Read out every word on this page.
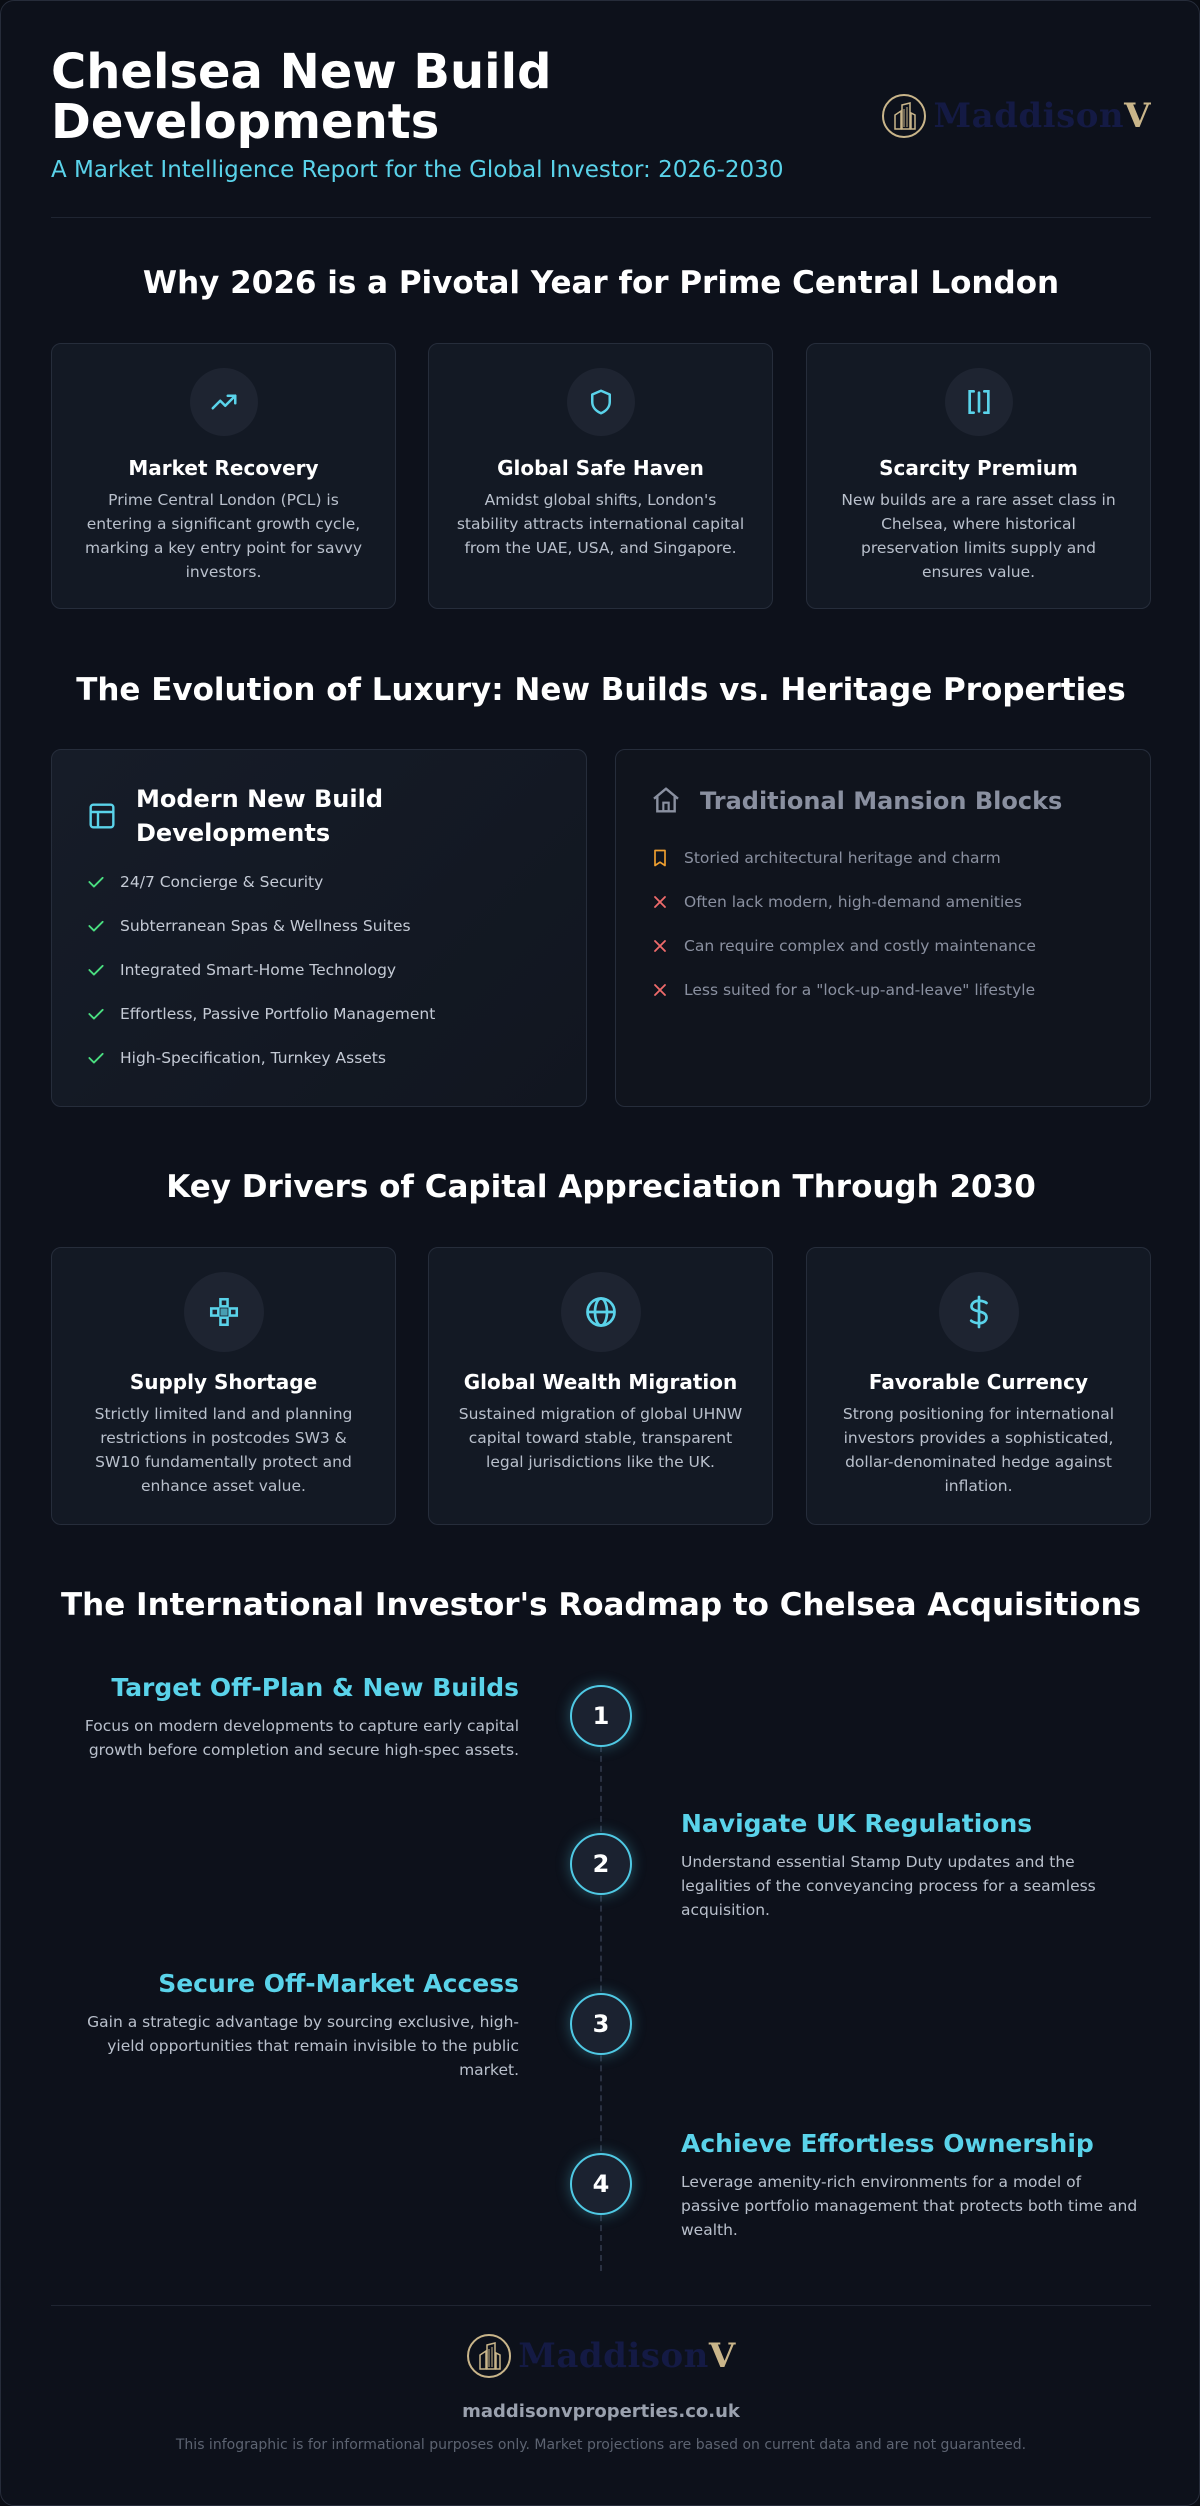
Chelsea New Build Developments
A Market Intelligence Report for the Global Investor: 2026-2030
MaddisonV
Why 2026 is a Pivotal Year for Prime Central London
Market Recovery
Prime Central London (PCL) is entering a significant growth cycle, marking a key entry point for savvy investors.
Global Safe Haven
Amidst global shifts, London's stability attracts international capital from the UAE, USA, and Singapore.
Scarcity Premium
New builds are a rare asset class in Chelsea, where historical preservation limits supply and ensures value.
The Evolution of Luxury: New Builds vs. Heritage Properties
Modern New Build Developments
24/7 Concierge & Security
Subterranean Spas & Wellness Suites
Integrated Smart-Home Technology
Effortless, Passive Portfolio Management
High-Specification, Turnkey Assets
Traditional Mansion Blocks
Storied architectural heritage and charm
Often lack modern, high-demand amenities
Can require complex and costly maintenance
Less suited for a "lock-up-and-leave" lifestyle
Key Drivers of Capital Appreciation Through 2030
Supply Shortage
Strictly limited land and planning restrictions in postcodes SW3 & SW10 fundamentally protect and enhance asset value.
Global Wealth Migration
Sustained migration of global UHNW capital toward stable, transparent legal jurisdictions like the UK.
Favorable Currency
Strong positioning for international investors provides a sophisticated, dollar-denominated hedge against inflation.
The International Investor's Roadmap to Chelsea Acquisitions
Target Off-Plan & New Builds
Focus on modern developments to capture early capital growth before completion and secure high-spec assets.
1
Navigate UK Regulations
Understand essential Stamp Duty updates and the legalities of the conveyancing process for a seamless acquisition.
2
Secure Off-Market Access
Gain a strategic advantage by sourcing exclusive, high-yield opportunities that remain invisible to the public market.
3
Achieve Effortless Ownership
Leverage amenity-rich environments for a model of passive portfolio management that protects both time and wealth.
4
MaddisonV
maddisonvproperties.co.uk
This infographic is for informational purposes only. Market projections are based on current data and are not guaranteed.
